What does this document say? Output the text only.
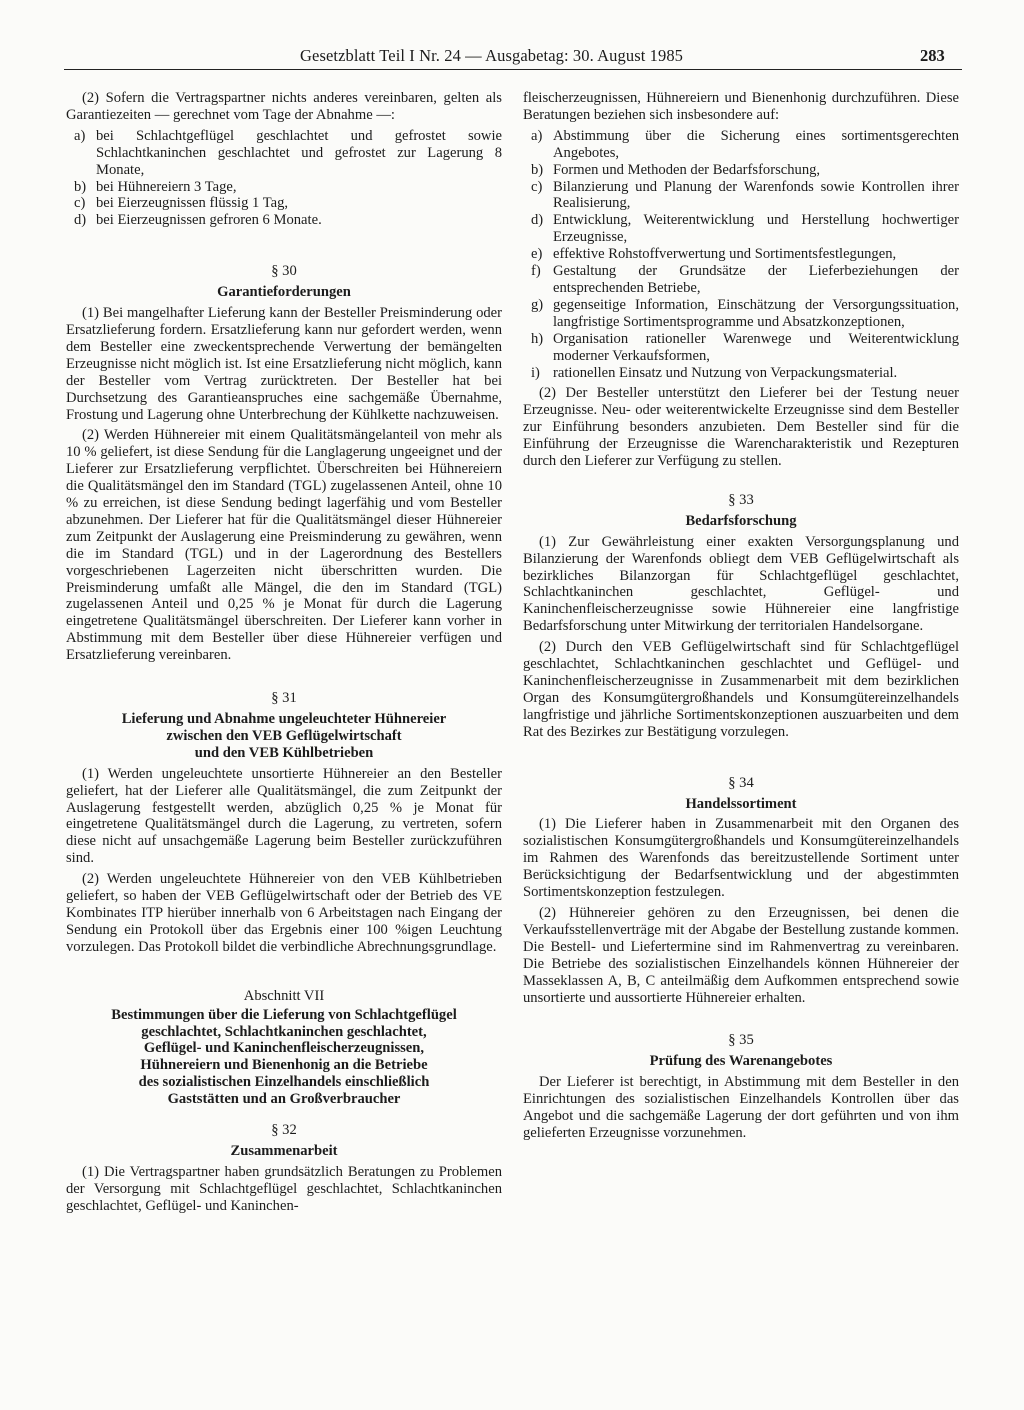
Gesetzblatt Teil I Nr. 24 — Ausgabetag: 30. August 1985	283

(2) Sofern die Vertragspartner nichts anderes vereinbaren, gelten als Garantiezeiten — gerechnet vom Tage der Abnahme —:

a) bei Schlachtgeflügel geschlachtet und gefrostet sowie Schlachtkaninchen geschlachtet und gefrostet zur Lagerung 8 Monate,
b) bei Hühnereiern 3 Tage,
c) bei Eierzeugnissen flüssig 1 Tag,
d) bei Eierzeugnissen gefroren 6 Monate.

§ 30

Garantieforderungen

(1) Bei mangelhafter Lieferung kann der Besteller Preisminderung oder Ersatzlieferung fordern. Ersatzlieferung kann nur gefordert werden, wenn dem Besteller eine zweckentsprechende Verwertung der bemängelten Erzeugnisse nicht möglich ist. Ist eine Ersatzlieferung nicht möglich, kann der Besteller vom Vertrag zurücktreten. Der Besteller hat bei Durchsetzung des Garantieanspruches eine sachgemäße Übernahme, Frostung und Lagerung ohne Unterbrechung der Kühlkette nachzuweisen.

(2) Werden Hühnereier mit einem Qualitätsmängelanteil von mehr als 10 % geliefert, ist diese Sendung für die Langlagerung ungeeignet und der Lieferer zur Ersatzlieferung verpflichtet. Überschreiten bei Hühnereiern die Qualitätsmängel den im Standard (TGL) zugelassenen Anteil, ohne 10 % zu erreichen, ist diese Sendung bedingt lagerfähig und vom Besteller abzunehmen. Der Lieferer hat für die Qualitätsmängel dieser Hühnereier zum Zeitpunkt der Auslagerung eine Preisminderung zu gewähren, wenn die im Standard (TGL) und in der Lagerordnung des Bestellers vorgeschriebenen Lagerzeiten nicht überschritten wurden. Die Preisminderung umfaßt alle Mängel, die den im Standard (TGL) zugelassenen Anteil und 0,25 % je Monat für durch die Lagerung eingetretene Qualitätsmängel überschreiten. Der Lieferer kann vorher in Abstimmung mit dem Besteller über diese Hühnereier verfügen und Ersatzlieferung vereinbaren.

§ 31

Lieferung und Abnahme ungeleuchteter Hühnereier

zwischen den VEB Geflügelwirtschaft

und den VEB Kühlbetrieben

(1) Werden ungeleuchtete unsortierte Hühnereier an den Besteller geliefert, hat der Lieferer alle Qualitätsmängel, die zum Zeitpunkt der Auslagerung festgestellt werden, abzüglich 0,25 % je Monat für eingetretene Qualitätsmängel durch die Lagerung, zu vertreten, sofern diese nicht auf unsachgemäße Lagerung beim Besteller zurückzuführen sind.

(2) Werden ungeleuchtete Hühnereier von den VEB Kühlbetrieben geliefert, so haben der VEB Geflügelwirtschaft oder der Betrieb des VE Kombinates ITP hierüber innerhalb von 6 Arbeitstagen nach Eingang der Sendung ein Protokoll über das Ergebnis einer 100 %igen Leuchtung vorzulegen. Das Protokoll bildet die verbindliche Abrechnungsgrundlage.

Abschnitt VII

Bestimmungen über die Lieferung von Schlachtgeflügel

geschlachtet, Schlachtkaninchen geschlachtet,

Geflügel- und Kaninchenfleischerzeugnissen,

Hühnereiern und Bienenhonig an die Betriebe

des sozialistischen Einzelhandels einschließlich

Gaststätten und an Großverbraucher

§ 32

Zusammenarbeit

(1) Die Vertragspartner haben grundsätzlich Beratungen zu Problemen der Versorgung mit Schlachtgeflügel geschlachtet, Schlachtkaninchen geschlachtet, Geflügel- und Kaninchen-

fleischerzeugnissen, Hühnereiern und Bienenhonig durchzuführen. Diese Beratungen beziehen sich insbesondere auf:

a) Abstimmung über die Sicherung eines sortimentsgerechten Angebotes,
b) Formen und Methoden der Bedarfsforschung,
c) Bilanzierung und Planung der Warenfonds sowie Kontrollen ihrer Realisierung,
d) Entwicklung, Weiterentwicklung und Herstellung hochwertiger Erzeugnisse,
e) effektive Rohstoffverwertung und Sortimentsfestlegungen,
f) Gestaltung der Grundsätze der Lieferbeziehungen der entsprechenden Betriebe,
g) gegenseitige Information, Einschätzung der Versorgungssituation, langfristige Sortimentsprogramme und Absatzkonzeptionen,
h) Organisation rationeller Warenwege und Weiterentwicklung moderner Verkaufsformen,
i) rationellen Einsatz und Nutzung von Verpackungsmaterial.

(2) Der Besteller unterstützt den Lieferer bei der Testung neuer Erzeugnisse. Neu- oder weiterentwickelte Erzeugnisse sind dem Besteller zur Einführung besonders anzubieten. Dem Besteller sind für die Einführung der Erzeugnisse die Warencharakteristik und Rezepturen durch den Lieferer zur Verfügung zu stellen.

§ 33

Bedarfsforschung

(1) Zur Gewährleistung einer exakten Versorgungsplanung und Bilanzierung der Warenfonds obliegt dem VEB Geflügelwirtschaft als bezirkliches Bilanzorgan für Schlachtgeflügel geschlachtet, Schlachtkaninchen geschlachtet, Geflügel- und Kaninchenfleischerzeugnisse sowie Hühnereier eine langfristige Bedarfsforschung unter Mitwirkung der territorialen Handelsorgane.

(2) Durch den VEB Geflügelwirtschaft sind für Schlachtgeflügel geschlachtet, Schlachtkaninchen geschlachtet und Geflügel- und Kaninchenfleischerzeugnisse in Zusammenarbeit mit dem bezirklichen Organ des Konsumgütergroßhandels und Konsumgütereinzelhandels langfristige und jährliche Sortimentskonzeptionen auszuarbeiten und dem Rat des Bezirkes zur Bestätigung vorzulegen.

§ 34

Handelssortiment

(1) Die Lieferer haben in Zusammenarbeit mit den Organen des sozialistischen Konsumgütergroßhandels und Konsumgütereinzelhandels im Rahmen des Warenfonds das bereitzustellende Sortiment unter Berücksichtigung der Bedarfsentwicklung und der abgestimmten Sortimentskonzeption festzulegen.

(2) Hühnereier gehören zu den Erzeugnissen, bei denen die Verkaufsstellenverträge mit der Abgabe der Bestellung zustande kommen. Die Bestell- und Liefertermine sind im Rahmenvertrag zu vereinbaren. Die Betriebe des sozialistischen Einzelhandels können Hühnereier der Masseklassen A, B, C anteilmäßig dem Aufkommen entsprechend sowie unsortierte und aussortierte Hühnereier erhalten.

§ 35

Prüfung des Warenangebotes

Der Lieferer ist berechtigt, in Abstimmung mit dem Besteller in den Einrichtungen des sozialistischen Einzelhandels Kontrollen über das Angebot und die sachgemäße Lagerung der dort geführten und von ihm gelieferten Erzeugnisse vorzunehmen.
